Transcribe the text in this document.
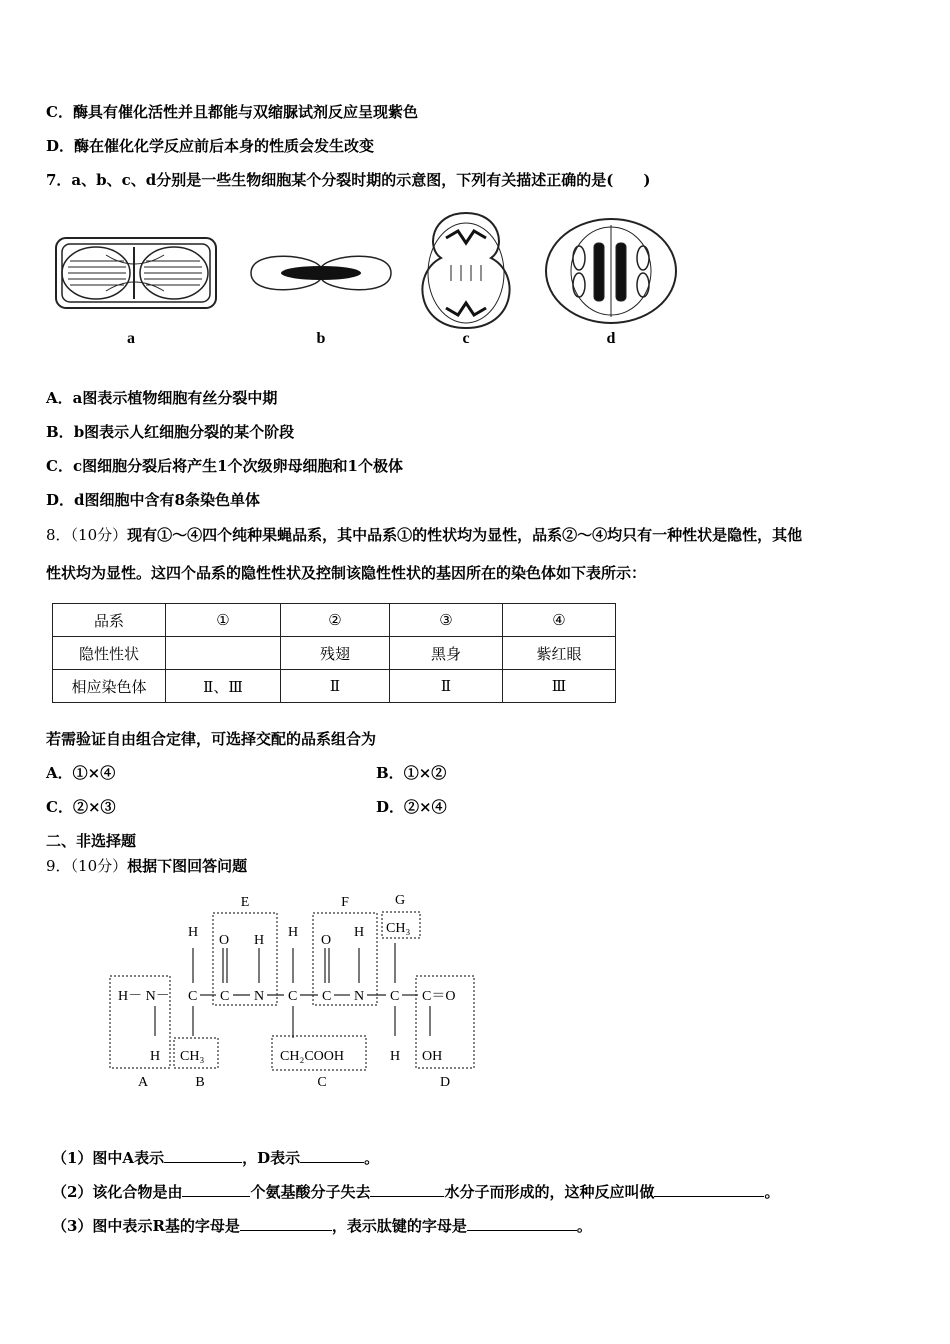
C．酶具有催化活性并且都能与双缩脲试剂反应呈现紫色
D．酶在催化化学反应前后本身的性质会发生改变
7．a、b、c、d分别是一些生物细胞某个分裂时期的示意图，下列有关描述正确的是(　　)
a	b	c	d
A．a图表示植物细胞有丝分裂中期
B．b图表示人红细胞分裂的某个阶段
C．c图细胞分裂后将产生1个次级卵母细胞和1个极体
D．d图细胞中含有8条染色单体
8．（10分）现有①～④四个纯种果蝇品系，其中品系①的性状均为显性，品系②～④均只有一种性状是隐性，其他
性状均为显性。这四个品系的隐性性状及控制该隐性性状的基因所在的染色体如下表所示：
品系	①	②	③	④
隐性性状		残翅	黑身	紫红眼
相应染色体	Ⅱ、Ⅲ	Ⅱ	Ⅱ	Ⅲ
若需验证自由组合定律，可选择交配的品系组合为
A．①×④	B．①×②
C．②×③	D．②×④
二、非选择题
9．（10分）根据下图回答问题
E	F	G
A	B	C	D
H－ N－ C C N C C N C C＝O
H
H
CH₃
O H
H
CH₂COOH
O
H CH₃
H OH
（1）图中A表示	，D表示	。
（2）该化合物是由	个氨基酸分子失去	水分子而形成的，这种反应叫做	。
（3）图中表示R基的字母是	，表示肽键的字母是	。
